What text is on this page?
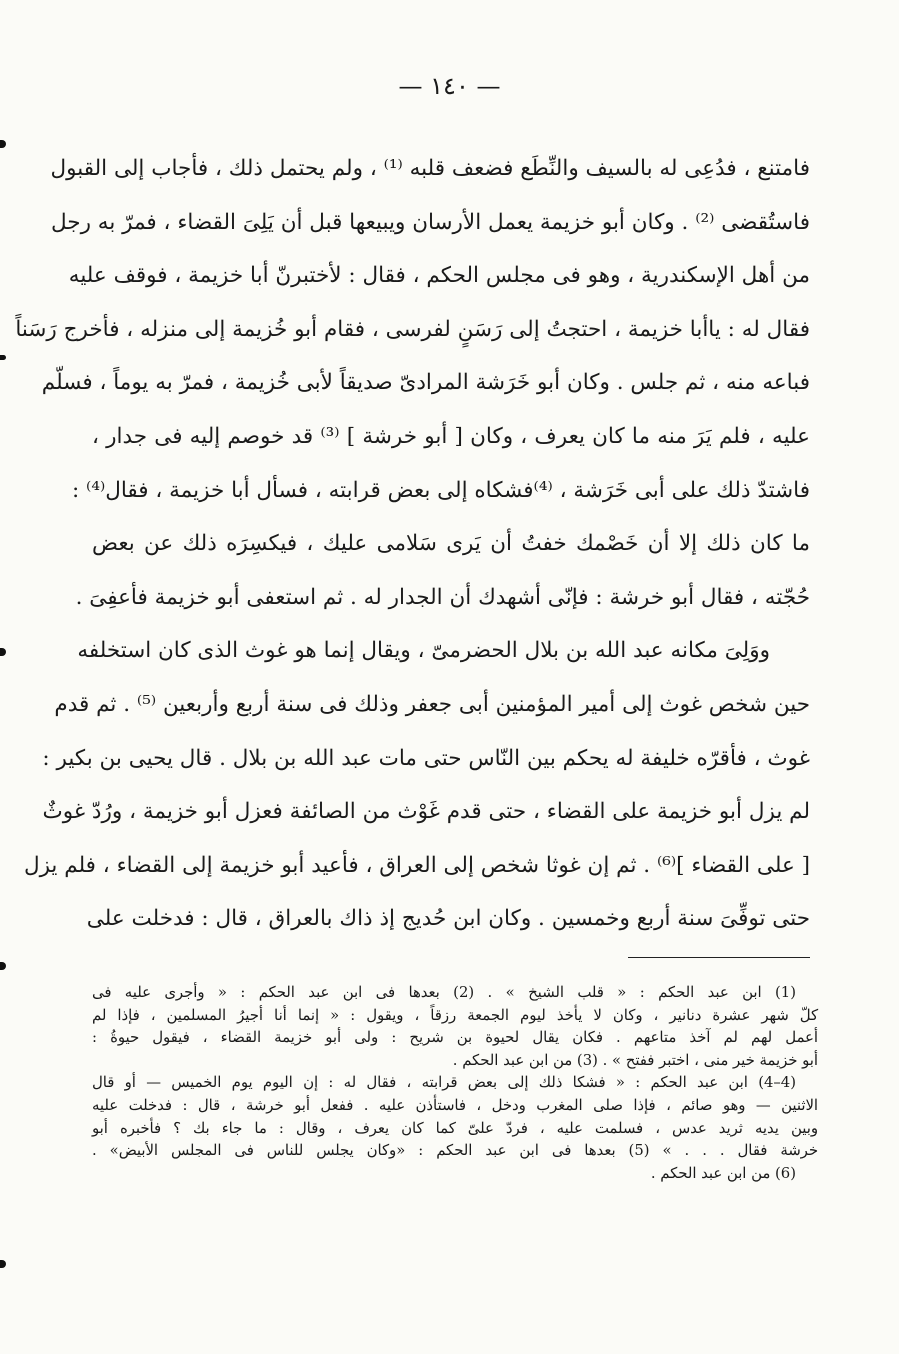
— ١٤٠ —
فامتنع ، فدُعِى له بالسيف والنِّطَع فضعف قلبه ⁽¹⁾ ، ولم يحتمل ذلك ، فأجاب إلى القبول
فاستُقضى ⁽²⁾ . وكان أبو خزيمة يعمل الأرسان ويبيعها قبل أن يَلِىَ القضاء ، فمرّ به رجل
من أهل الإسكندرية ، وهو فى مجلس الحكم ، فقال : لأختبرنّ أبا خزيمة ، فوقف عليه
فقال له : ياأبا خزيمة ، احتجتُ إلى رَسَنٍ لفرسى ، فقام أبو خُزيمة إلى منزله ، فأخرج رَسَناً
فباعه منه ، ثم جلس . وكان أبو خَرَشة المرادىّ صديقاً لأبى خُزيمة ، فمرّ به يوماً ، فسلّم
عليه ، فلم يَرَ منه ما كان يعرف ، وكان [ أبو خرشة ] ⁽³⁾ قد خوصم إليه فى جدار ،
فاشتدّ ذلك على أبى خَرَشة ، ⁽⁴⁾فشكاه إلى بعض قرابته ، فسأل أبا خزيمة ، فقال⁽⁴⁾ :
ما كان ذلك إلا أن خَصْمك خفتُ أن يَرى سَلامى عليك ، فيكسِرَه ذلك عن بعض
حُجّته ، فقال أبو خرشة : فإنّى أشهدك أن الجدار له . ثم استعفى أبو خزيمة فأعفِىَ .
ووَلِىَ مكانه عبد الله بن بلال الحضرمىّ ، ويقال إنما هو غوث الذى كان استخلفه
حين شخص غوث إلى أمير المؤمنين أبى جعفر وذلك فى سنة أربع وأربعين ⁽⁵⁾ . ثم قدم
غوث ، فأقرّه خليفة له يحكم بين النّاس حتى مات عبد الله بن بلال . قال يحيى بن بكير :
لم يزل أبو خزيمة على القضاء ، حتى قدم غَوْث من الصائفة فعزل أبو خزيمة ، ورُدّ غوثٌ
[ على القضاء ]⁽⁶⁾ . ثم إن غوثا شخص إلى العراق ، فأعيد أبو خزيمة إلى القضاء ، فلم يزل
حتى توفِّىَ سنة أربع وخمسين . وكان ابن حُديج إذ ذاك بالعراق ، قال : فدخلت على
(1) ابن عبد الحكم : « قلب الشيخ » . (2) بعدها فى ابن عبد الحكم : « وأجرى عليه فى
كلّ شهر عشرة دنانير ، وكان لا يأخذ ليوم الجمعة رزقاً ، ويقول : « إنما أنا أجيرُ المسلمين ، فإذا لم
أعمل لهم لم آخذ متاعهم . فكان يقال لحيوة بن شريح : ولى أبو خزيمة القضاء ، فيقول حيوةُ :
أبو خزيمة خير منى ، اختبر ففتح » . (3) من ابن عبد الحكم .
(4–4) ابن عبد الحكم : « فشكا ذلك إلى بعض قرابته ، فقال له : إن اليوم يوم الخميس — أو قال
الاثنين — وهو صائم ، فإذا صلى المغرب ودخل ، فاستأذن عليه . ففعل أبو خرشة ، قال : فدخلت عليه
وبين يديه ثريد عدس ، فسلمت عليه ، فردّ علىّ كما كان يعرف ، وقال : ما جاء بك ؟ فأخبره أبو
خرشة فقال . . . » (5) بعدها فى ابن عبد الحكم : «وكان يجلس للناس فى المجلس الأبيض» .
(6) من ابن عبد الحكم .
